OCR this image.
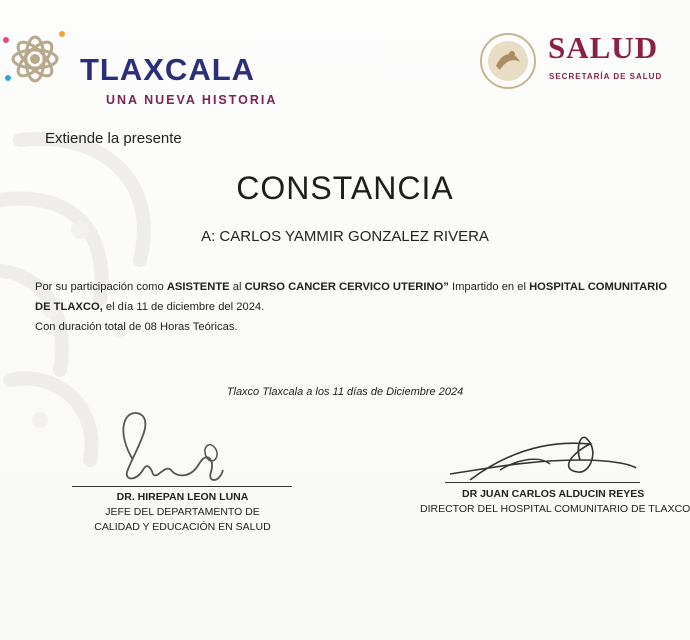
TLAXCALA
UNA NUEVA HISTORIA
SALUD
SECRETARÍA DE SALUD
Extiende la presente
CONSTANCIA
A: CARLOS YAMMIR GONZALEZ RIVERA
Por su participación como ASISTENTE al CURSO CANCER CERVICO UTERINO” Impartido en el HOSPITAL COMUNITARIO DE TLAXCO, el día 11 de diciembre del 2024.
Con duración total de 08 Horas Teóricas.
Tlaxco Tlaxcala a los 11 días de Diciembre 2024
DR. HIREPAN LEON LUNA
JEFE DEL DEPARTAMENTO DE
CALIDAD Y EDUCACIÓN EN SALUD
DR JUAN CARLOS ALDUCIN REYES
DIRECTOR DEL HOSPITAL COMUNITARIO DE TLAXCO
